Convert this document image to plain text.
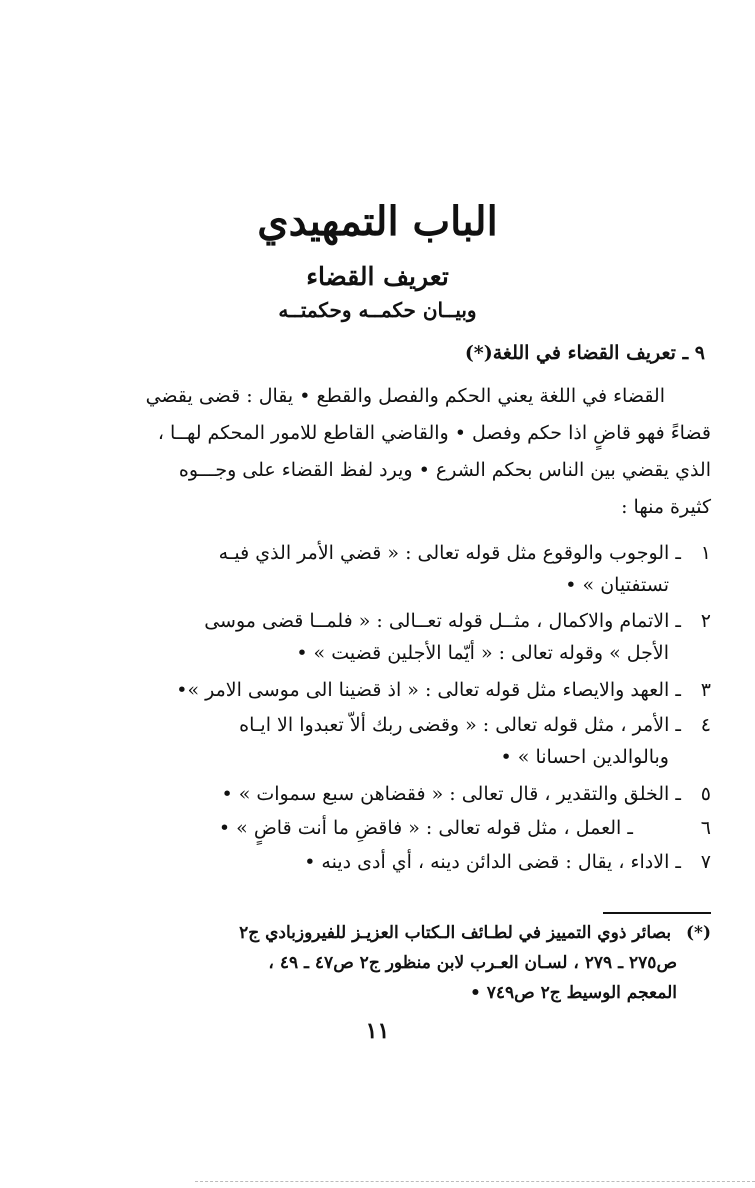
الباب التمهيدي
تعريف القضاء
وبيــان حكمــه وحكمتــه
٩ ـ تعريف القضاء في اللغة(*)
القضاء في اللغة يعني الحكم والفصل والقطع • يقال : قضى يقضي
قضاءً فهو قاضٍ اذا حكم وفصل • والقاضي القاطع للامور المحكم لهــا ،
الذي يقضي بين الناس بحكم الشرع • ويرد لفظ القضاء على وجـــوه
كثيرة منها :
١ ـ الوجوب والوقوع مثل قوله تعالى : « قضي الأمر الذي فيـه
تستفتيان » •
٢ ـ الاتمام والاكمال ، مثــل قوله تعــالى : « فلمــا قضى موسى
الأجل » وقوله تعالى : « أيّما الأجلين قضيت » •
٣ ـ العهد والايصاء مثل قوله تعالى : « اذ قضينا الى موسى الامر »•
٤ ـ الأمر ، مثل قوله تعالى : « وقضى ربك ألاّ تعبدوا الا ايـاه
وبالوالدين احسانا » •
٥ ـ الخلق والتقدير ، قال تعالى : « فقضاهن سبع سموات » •
٦  ـ العمل ، مثل قوله تعالى : « فاقضِ ما أنت قاضٍ » •
٧ ـ الاداء ، يقال : قضى الدائن دينه ، أي أدى دينه •
(*) بصائر ذوي التمييز في لطـائف الـكتاب العزيـز للفيروزبادي ج٢
ص٢٧٥ ـ ٢٧٩ ، لسـان العـرب لابن منظور ج٢ ص٤٧ ـ ٤٩ ،
المعجم الوسيط ج٢ ص٧٤٩ •
١١
